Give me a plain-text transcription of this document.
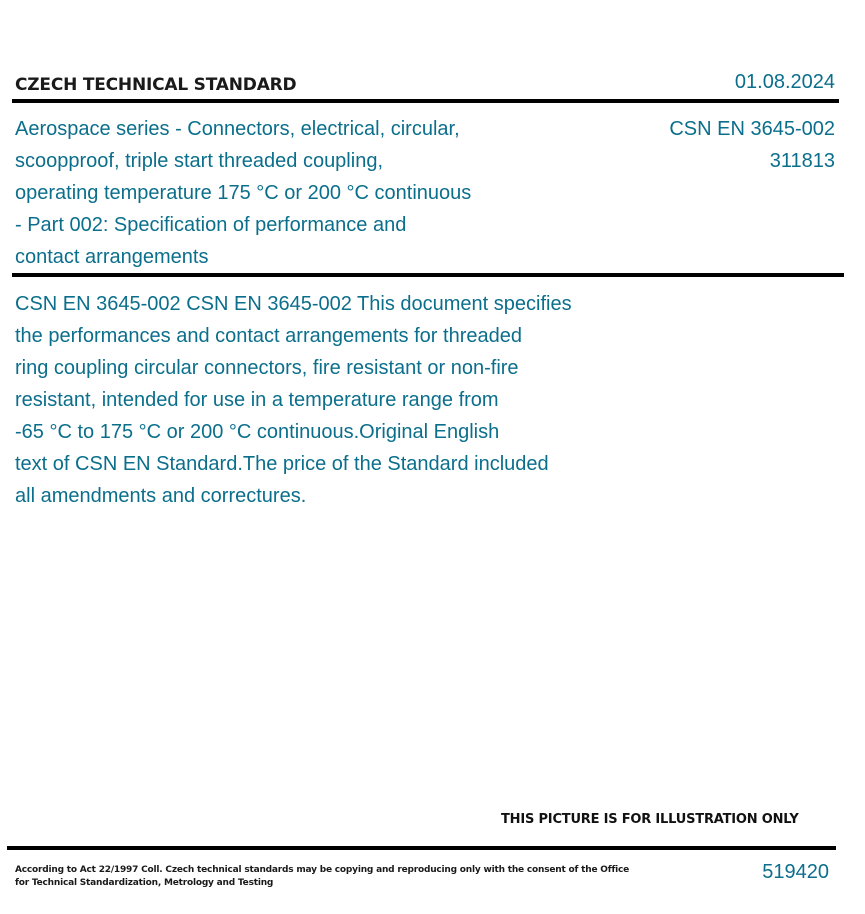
CZECH TECHNICAL STANDARD	01.08.2024
Aerospace series - Connectors, electrical, circular,
scoopproof, triple start threaded coupling,
operating temperature 175 °C or 200 °C continuous
- Part 002: Specification of performance and
contact arrangements
CSN EN 3645-002
311813
CSN EN 3645-002 CSN EN 3645-002 This document specifies
the performances and contact arrangements for threaded
ring coupling circular connectors, fire resistant or non-fire
resistant, intended for use in a temperature range from
-65 °C to 175 °C or 200 °C continuous.Original English
text of CSN EN Standard.The price of the Standard included
all amendments and correctures.
THIS PICTURE IS FOR ILLUSTRATION ONLY
According to Act 22/1997 Coll. Czech technical standards may be copying and reproducing only with the consent of the Office
for Technical Standardization, Metrology and Testing	519420
